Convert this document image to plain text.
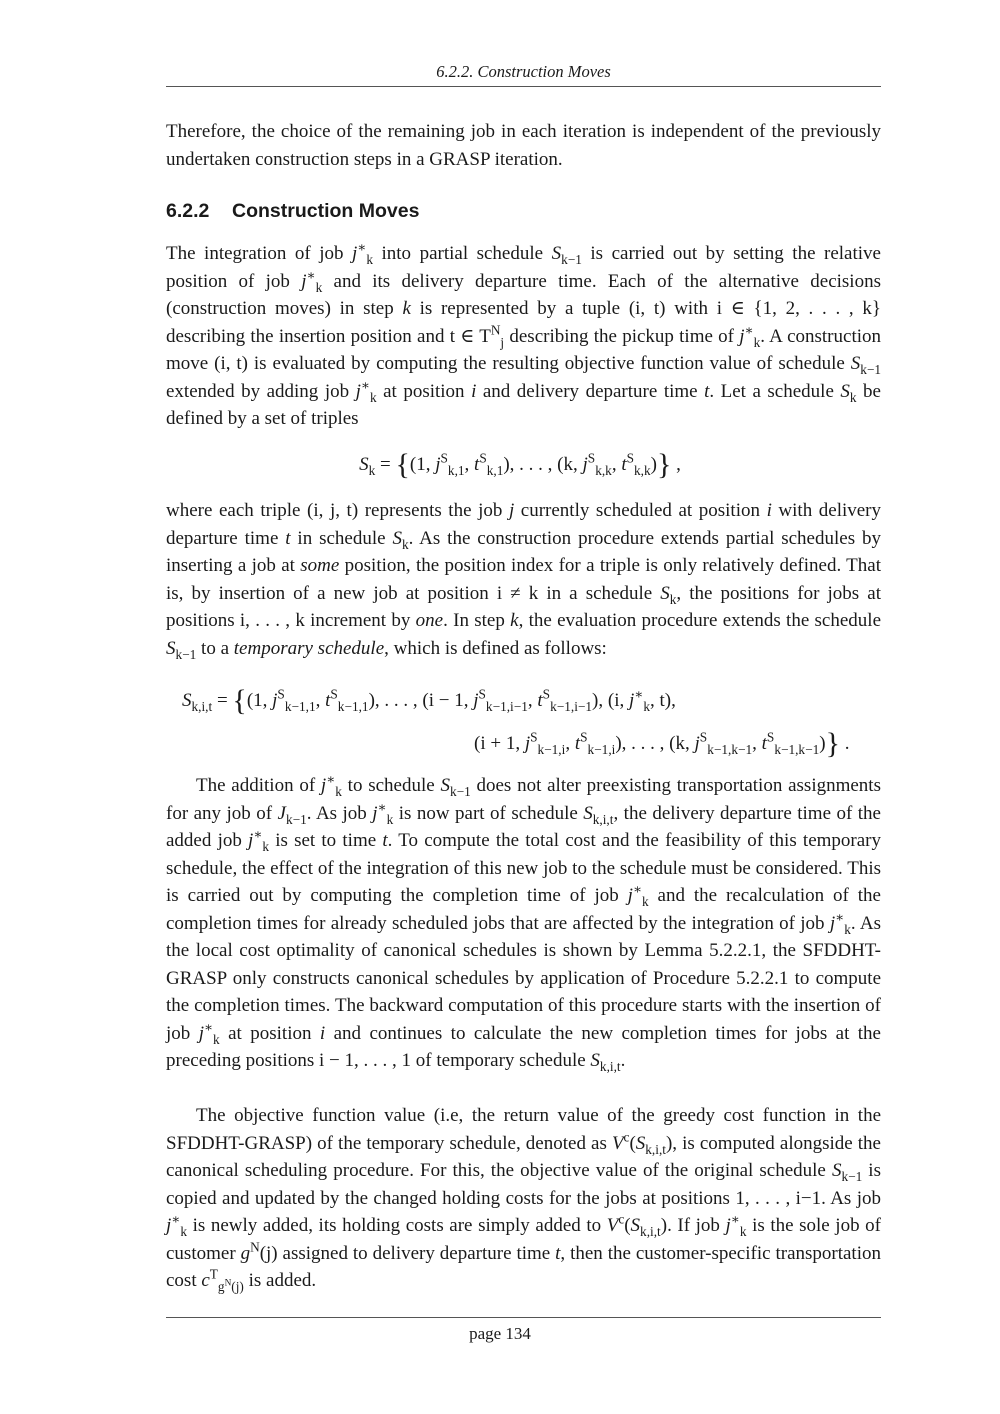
6.2.2. Construction Moves

Therefore, the choice of the remaining job in each iteration is independent of the previously undertaken construction steps in a GRASP iteration.

6.2.2 Construction Moves

The integration of job $j^∗_k$ into partial schedule $S_{k-1}$ is carried out by setting the relative position of job $j^∗_k$ and its delivery departure time. Each of the alternative decisions (construction moves) in step k is represented by a tuple (i, t) with i ∈ {1, 2, . . . , k} describing the insertion position and t ∈ $T^N_j$ describing the pickup time of $j^∗_k$. A construction move (i, t) is evaluated by computing the resulting objective function value of schedule $S_{k-1}$ extended by adding job $j^∗_k$ at position i and delivery departure time t. Let a schedule $S_k$ be defined by a set of triples

$S_k = \{(1$, $j^S_{k,1}$, $t^S_{k,1}$), . . . , (k, $j^S_{k,k}$, $t^S_{k,k}$)} ,

where each triple (i, j, t) represents the job j currently scheduled at position i with delivery departure time t in schedule $S_k$. As the construction procedure extends partial schedules by inserting a job at some position, the position index for a triple is only relatively defined. That is, by insertion of a new job at position i ≠ k in a schedule $S_k$, the positions for jobs at positions i, . . . , k increment by one. In step k, the evaluation procedure extends the schedule $S_{k-1}$ to a temporary schedule, which is defined as follows:

$S_{k,i,t} = \{(1$, $j^S_{k-1,1}$, $t^S_{k-1,1}$), . . . , (i − 1, $j^S_{k-1,i-1}$, $t^S_{k-1,i-1}$), (i, $j^∗_k$, t),
(i + 1, $j^S_{k-1,i}$, $t^S_{k-1,i}$), . . . , (k, $j^S_{k-1,k-1}$, $t^S_{k-1,k-1}$)} .

The addition of $j^∗_k$ to schedule $S_{k-1}$ does not alter preexisting transportation assignments for any job of $J_{k-1}$. As job $j^∗_k$ is now part of schedule $S_{k,i,t}$, the delivery departure time of the added job $j^∗_k$ is set to time t. To compute the total cost and the feasibility of this temporary schedule, the effect of the integration of this new job to the schedule must be considered. This is carried out by computing the completion time of job $j^∗_k$ and the recalculation of the completion times for already scheduled jobs that are affected by the integration of job $j^∗_k$. As the local cost optimality of canonical schedules is shown by Lemma 5.2.2.1, the SFDDHT-GRASP only constructs canonical schedules by application of Procedure 5.2.2.1 to compute the completion times. The backward computation of this procedure starts with the insertion of job $j^∗_k$ at position i and continues to calculate the new completion times for jobs at the preceding positions i − 1, . . . , 1 of temporary schedule $S_{k,i,t}$.

The objective function value (i.e, the return value of the greedy cost function in the SFDDHT-GRASP) of the temporary schedule, denoted as $V^c(S_{k,i,t})$, is computed alongside the canonical scheduling procedure. For this, the objective value of the original schedule $S_{k-1}$ is copied and updated by the changed holding costs for the jobs at positions 1, . . . , i−1. As job $j^∗_k$ is newly added, its holding costs are simply added to $V^c(S_{k,i,t})$. If job $j^∗_k$ is the sole job of customer $g^N(j)$ assigned to delivery departure time t, then the customer-specific transportation cost $c^T_{g^N(j)}$ is added.

page 134
